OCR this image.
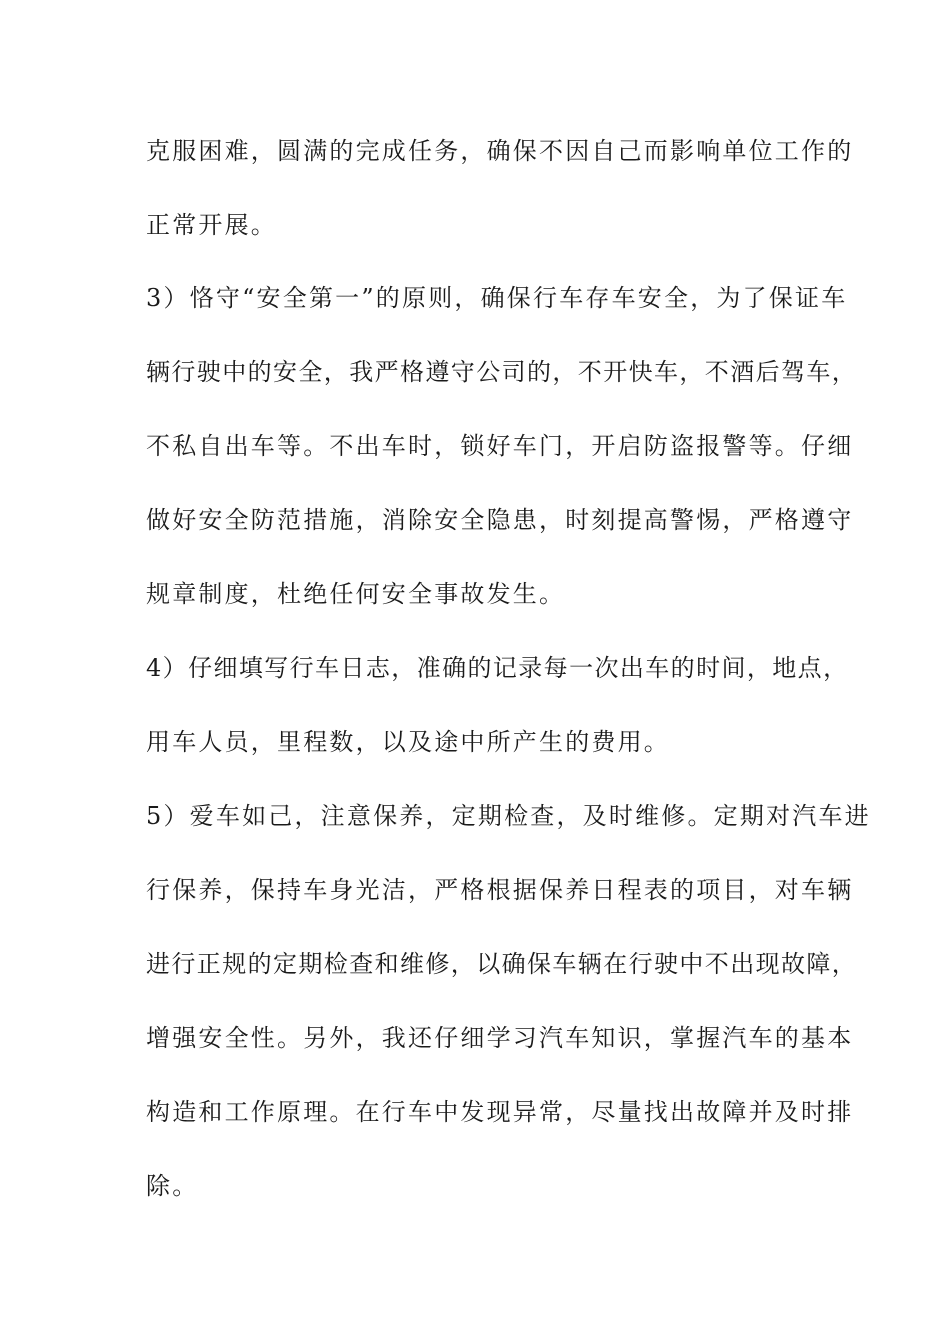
克服困难，圆满的完成任务，确保不因自己而影响单位工作的

正常开展。

3）恪守“安全第一”的原则，确保行车存车安全，为了保证车

辆行驶中的安全，我严格遵守公司的，不开快车，不酒后驾车，

不私自出车等。不出车时，锁好车门，开启防盗报警等。仔细

做好安全防范措施，消除安全隐患，时刻提高警惕，严格遵守

规章制度，杜绝任何安全事故发生。

4）仔细填写行车日志，准确的记录每一次出车的时间，地点，

用车人员，里程数，以及途中所产生的费用。

5）爱车如己，注意保养，定期检查，及时维修。定期对汽车进

行保养，保持车身光洁，严格根据保养日程表的项目，对车辆

进行正规的定期检查和维修，以确保车辆在行驶中不出现故障，

增强安全性。另外，我还仔细学习汽车知识，掌握汽车的基本

构造和工作原理。在行车中发现异常，尽量找出故障并及时排

除。
